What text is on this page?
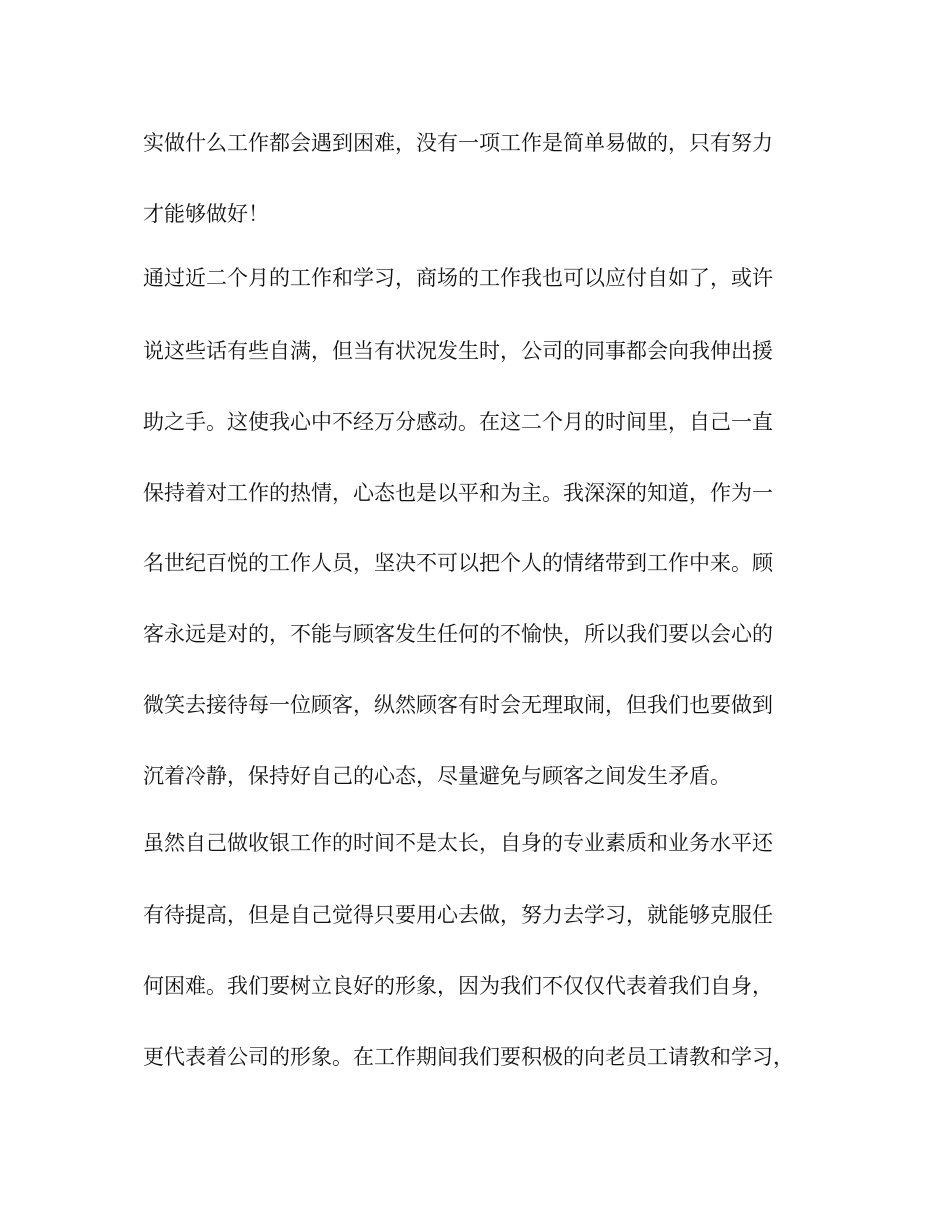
实做什么工作都会遇到困难，没有一项工作是简单易做的，只有努力
才能够做好！
通过近二个月的工作和学习，商场的工作我也可以应付自如了，或许
说这些话有些自满，但当有状况发生时，公司的同事都会向我伸出援
助之手。这使我心中不经万分感动。在这二个月的时间里，自己一直
保持着对工作的热情，心态也是以平和为主。我深深的知道，作为一
名世纪百悦的工作人员，坚决不可以把个人的情绪带到工作中来。顾
客永远是对的，不能与顾客发生任何的不愉快，所以我们要以会心的
微笑去接待每一位顾客，纵然顾客有时会无理取闹，但我们也要做到
沉着冷静，保持好自己的心态，尽量避免与顾客之间发生矛盾。
虽然自己做收银工作的时间不是太长，自身的专业素质和业务水平还
有待提高，但是自己觉得只要用心去做，努力去学习，就能够克服任
何困难。我们要树立良好的形象，因为我们不仅仅代表着我们自身，
更代表着公司的形象。在工作期间我们要积极的向老员工请教和学习，
